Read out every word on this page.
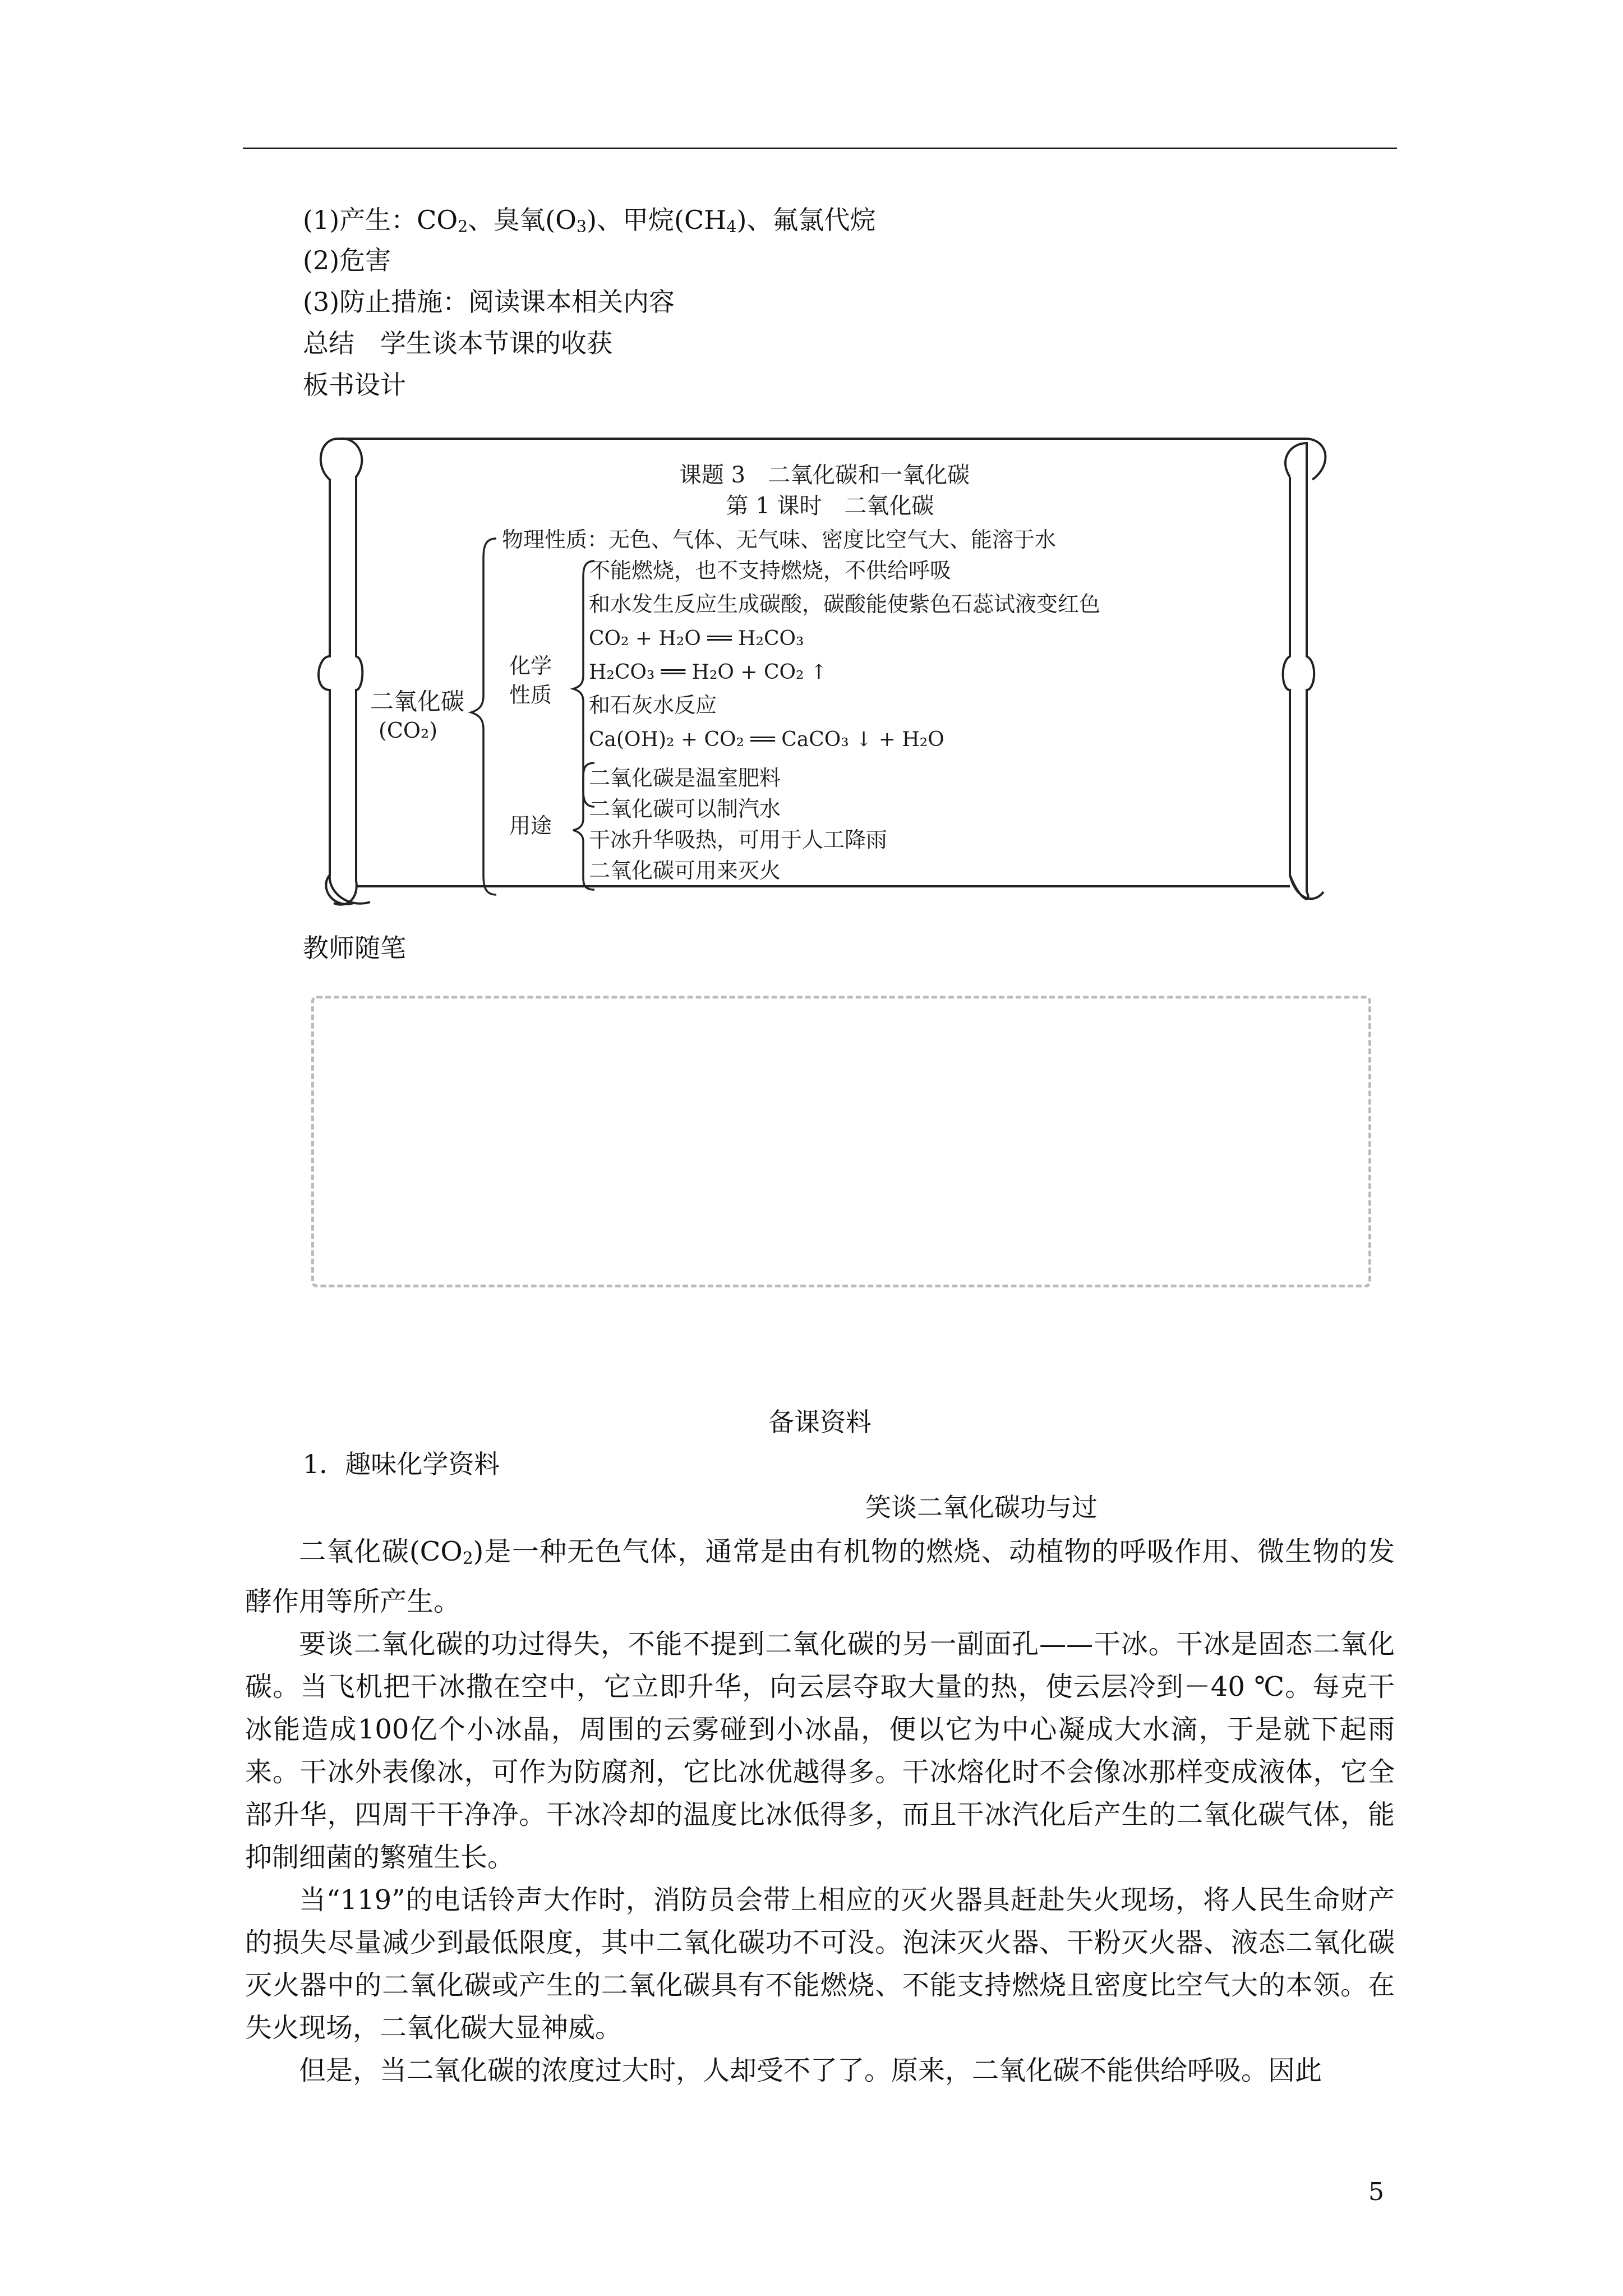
(1)产生：$CO_2$、臭氧$(O_3)$、甲烷$(CH_4)$、氟氯代烷
(2)危害
(3)防止措施：阅读课本相关内容
总结　学生谈本节课的收获
板书设计
课题 3　二氧化碳和一氧化碳
第 1 课时　二氧化碳
二氧化碳
(CO₂)
物理性质：无色、气体、无气味、密度比空气大、能溶于水
化学
性质
不能燃烧，也不支持燃烧，不供给呼吸
和水发生反应生成碳酸，碳酸能使紫色石蕊试液变红色
CO₂ + H₂O ══ H₂CO₃
H₂CO₃ ══ H₂O + CO₂ ↑
和石灰水反应
Ca(OH)₂ + CO₂ ══ CaCO₃ ↓ + H₂O
用途
二氧化碳是温室肥料
二氧化碳可以制汽水
干冰升华吸热，可用于人工降雨
二氧化碳可用来灭火
教师随笔
备课资料
1．趣味化学资料
笑谈二氧化碳功与过

二氧化碳$(CO_2)$是一种无色气体，通常是由有机物的燃烧、动植物的呼吸作用、微生物的发酵作用等所产生。

要谈二氧化碳的功过得失，不能不提到二氧化碳的另一副面孔——干冰。干冰是固态二氧化碳。当飞机把干冰撒在空中，它立即升华，向云层夺取大量的热，使云层冷到－40 ℃。每克干冰能造成100亿个小冰晶，周围的云雾碰到小冰晶，便以它为中心凝成大水滴，于是就下起雨来。干冰外表像冰，可作为防腐剂，它比冰优越得多。干冰熔化时不会像冰那样变成液体，它全部升华，四周干干净净。干冰冷却的温度比冰低得多，而且干冰汽化后产生的二氧化碳气体，能抑制细菌的繁殖生长。

当“119”的电话铃声大作时，消防员会带上相应的灭火器具赶赴失火现场，将人民生命财产的损失尽量减少到最低限度，其中二氧化碳功不可没。泡沫灭火器、干粉灭火器、液态二氧化碳灭火器中的二氧化碳或产生的二氧化碳具有不能燃烧、不能支持燃烧且密度比空气大的本领。在失火现场，二氧化碳大显神威。

但是，当二氧化碳的浓度过大时，人却受不了了。原来，二氧化碳不能供给呼吸。因此

5
